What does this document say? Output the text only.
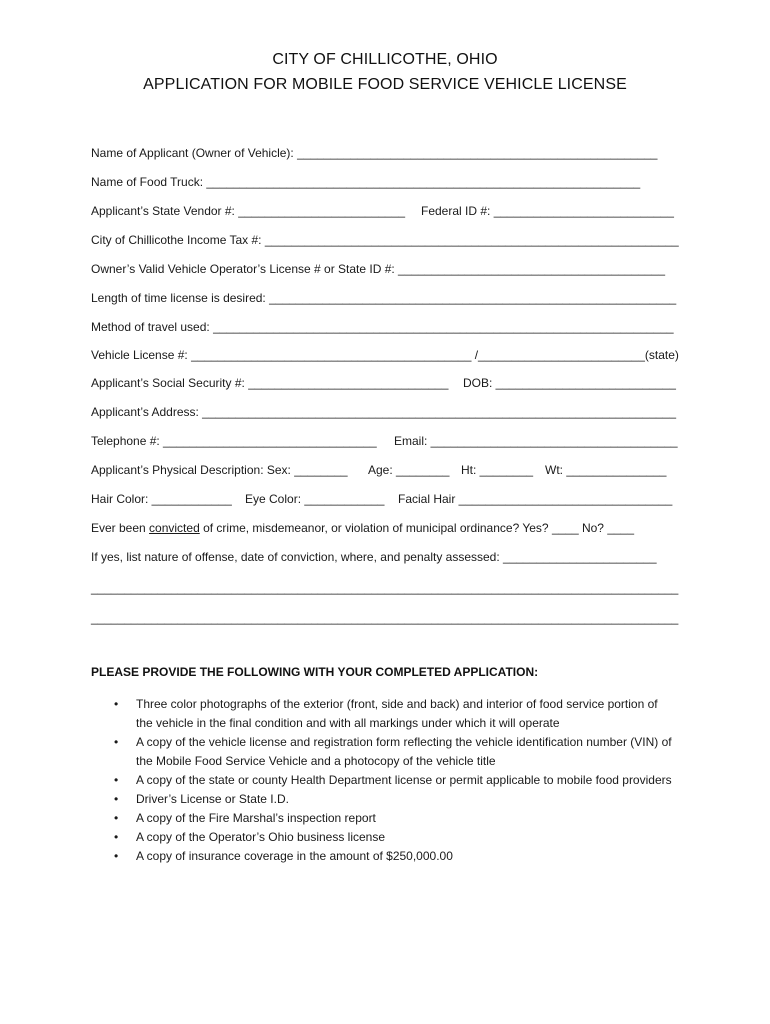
CITY OF CHILLICOTHE, OHIO
APPLICATION FOR MOBILE FOOD SERVICE VEHICLE LICENSE
Name of Applicant (Owner of Vehicle): ______________________________________________________
Name of Food Truck: _________________________________________________________________
Applicant’s State Vendor #: _________________________ Federal ID #: ___________________________
City of Chillicothe Income Tax #: ______________________________________________________________
Owner’s Valid Vehicle Operator’s License # or State ID #: ________________________________________
Length of time license is desired: _____________________________________________________________
Method of travel used: _____________________________________________________________________
Vehicle License #: __________________________________________ /_________________________(state)
Applicant’s Social Security #: ______________________________ DOB: ___________________________
Applicant’s Address: _______________________________________________________________________
Telephone #: ________________________________ Email: _____________________________________
Applicant’s Physical Description: Sex: ________ Age: ________ Ht: ________ Wt: _______________
Hair Color: ____________ Eye Color: ____________ Facial Hair ________________________________
Ever been convicted of crime, misdemeanor, or violation of municipal ordinance? Yes? ____ No? ____
If yes, list nature of offense, date of conviction, where, and penalty assessed: _______________________
________________________________________________________________________________________
________________________________________________________________________________________
PLEASE PROVIDE THE FOLLOWING WITH YOUR COMPLETED APPLICATION:
• Three color photographs of the exterior (front, side and back) and interior of food service portion of the vehicle in the final condition and with all markings under which it will operate
• A copy of the vehicle license and registration form reflecting the vehicle identification number (VIN) of the Mobile Food Service Vehicle and a photocopy of the vehicle title
• A copy of the state or county Health Department license or permit applicable to mobile food providers
• Driver’s License or State I.D.
• A copy of the Fire Marshal’s inspection report
• A copy of the Operator’s Ohio business license
• A copy of insurance coverage in the amount of $250,000.00
